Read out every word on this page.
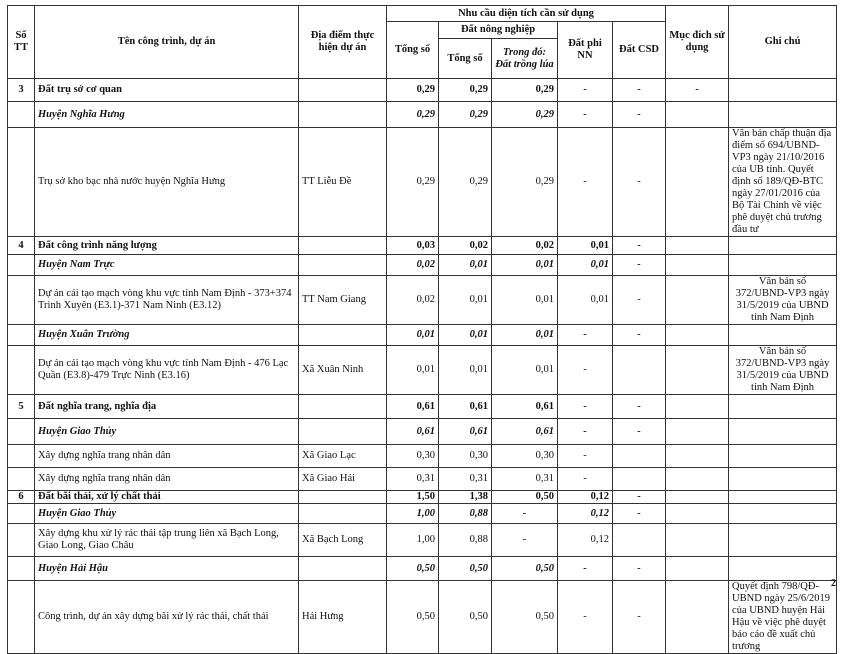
Số TT	Tên công trình, dự án	Địa điểm thực hiện dự án	Nhu cầu diện tích cần sử dụng					Mục đích sử dụng	Ghi chú
			Tổng số	Đất nông nghiệp		Đất phi NN	Đất CSD		
				Tổng số	Trong đó: Đất trồng lúa				
3	Đất trụ sở cơ quan		0,29	0,29	0,29	-	-	-	
	Huyện Nghĩa Hưng		0,29	0,29	0,29	-	-		
	Trụ sở kho bạc nhà nước huyện Nghĩa Hưng	TT Liễu Đề	0,29	0,29	0,29	-	-		Văn bản chấp thuận địa điểm số 694/UBND-VP3 ngày 21/10/2016 của UB tỉnh. Quyết định số 189/QĐ-BTC ngày 27/01/2016 của Bộ Tài Chính về việc phê duyệt chủ trương đầu tư
4	Đất công trình năng lượng		0,03	0,02	0,02	0,01	-		
	Huyện Nam Trực		0,02	0,01	0,01	0,01	-		
	Dự án cải tạo mạch vòng khu vực tỉnh Nam Định - 373+374 Trình Xuyên (E3.1)-371 Nam Ninh (E3.12)	TT Nam Giang	0,02	0,01	0,01	0,01	-		Văn bản số 372/UBND-VP3 ngày 31/5/2019 của UBND tỉnh Nam Định
	Huyện Xuân Trường		0,01	0,01	0,01	-	-		
	Dự án cải tạo mạch vòng khu vực tỉnh Nam Định - 476 Lạc Quần (E3.8)-479 Trực Ninh (E3.16)	Xã Xuân Ninh	0,01	0,01	0,01	-			Văn bản số 372/UBND-VP3 ngày 31/5/2019 của UBND tỉnh Nam Định
5	Đất nghĩa trang, nghĩa địa		0,61	0,61	0,61	-	-		
	Huyện Giao Thủy		0,61	0,61	0,61	-	-		
	Xây dựng nghĩa trang nhân dân	Xã Giao Lạc	0,30	0,30	0,30	-			
	Xây dựng nghĩa trang nhân dân	Xã Giao Hải	0,31	0,31	0,31	-			
6	Đất bãi thải, xử lý chất thải		1,50	1,38	0,50	0,12	-		
	Huyện Giao Thủy		1,00	0,88	-	0,12	-		
	Xây dựng khu xử lý rác thải tập trung liên xã Bạch Long, Giao Long, Giao Châu	Xã Bạch Long	1,00	0,88	-	0,12			
	Huyện Hải Hậu		0,50	0,50	0,50	-	-		
	Công trình, dự án xây dựng bãi xử lý rác thải, chất thải	Hải Hưng	0,50	0,50	0,50	-	-		Quyết định 798/QĐ-UBND ngày 25/6/2019 của UBND huyện Hải Hậu về việc phê duyệt báo cáo đề xuất chủ trương
2
